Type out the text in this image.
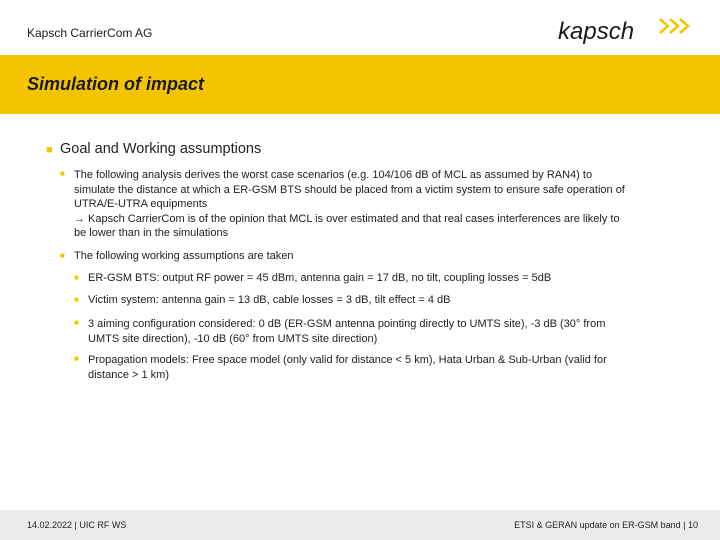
Kapsch CarrierCom AG	kapsch
Simulation of impact
■ Goal and Working assumptions
■ The following analysis derives the worst case scenarios (e.g. 104/106 dB of MCL as assumed by RAN4) to
simulate the distance at which a ER-GSM BTS should be placed from a victim system to ensure safe operation of
UTRA/E-UTRA equipments
→ Kapsch CarrierCom is of the opinion that MCL is over estimated and that real cases interferences are likely to
be lower than in the simulations
■ The following working assumptions are taken
■ ER-GSM BTS: output RF power = 45 dBm, antenna gain = 17 dB, no tilt, coupling losses = 5dB
■ Victim system: antenna gain = 13 dB, cable losses = 3 dB, tilt effect = 4 dB
■ 3 aiming configuration considered: 0 dB (ER-GSM antenna pointing directly to UMTS site), -3 dB (30° from
UMTS site direction), -10 dB (60° from UMTS site direction)
■ Propagation models: Free space model (only valid for distance < 5 km), Hata Urban & Sub-Urban (valid for
distance > 1 km)
14.02.2022 | UIC RF WS	ETSI & GERAN update on ER-GSM band | 10
